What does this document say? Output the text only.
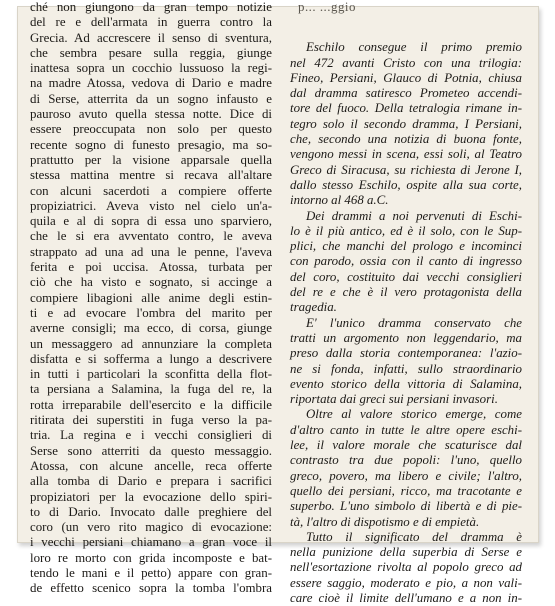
ché non giungono da gran tempo notizie
del re e dell'armata in guerra contro la
Grecia. Ad accrescere il senso di sventura,
che sembra pesare sulla reggia, giunge
inattesa sopra un cocchio lussuoso la regi-
na madre Atossa, vedova di Dario e madre
di Serse, atterrita da un sogno infausto e
pauroso avuto quella stessa notte. Dice di
essere preoccupata non solo per questo
recente sogno di funesto presagio, ma so-
prattutto per la visione apparsale quella
stessa mattina mentre si recava all'altare
con alcuni sacerdoti a compiere offerte
propiziatrici. Aveva visto nel cielo un'a-
quila e al di sopra di essa uno sparviero,
che le si era avventato contro, le aveva
strappato ad una ad una le penne, l'aveva
ferita e poi uccisa. Atossa, turbata per
ciò che ha visto e sognato, si accinge a
compiere libagioni alle anime degli estin-
ti e ad evocare l'ombra del marito per
averne consigli; ma ecco, di corsa, giunge
un messaggero ad annunziare la completa
disfatta e si sofferma a lungo a descrivere
in tutti i particolari la sconfitta della flot-
ta persiana a Salamina, la fuga del re, la
rotta irreparabile dell'esercito e la difficile
ritirata dei superstiti in fuga verso la pa-
tria. La regina e i vecchi consiglieri di
Serse sono atterriti da questo messaggio.
Atossa, con alcune ancelle, reca offerte
alla tomba di Dario e prepara i sacrifici
propiziatori per la evocazione dello spiri-
to di Dario. Invocato dalle preghiere del
coro (un vero rito magico di evocazione:
i vecchi persiani chiamano a gran voce il
loro re morto con grida incomposte e bat-
tendo le mani e il petto) appare con gran-
de effetto scenico sopra la tomba l'ombra
p... ...ggio
Eschilo consegue il primo premio
nel 472 avanti Cristo con una trilogia:
Fineo, Persiani, Glauco di Potnia, chiusa
dal dramma satiresco Prometeo accendi-
tore del fuoco. Della tetralogia rimane in-
tegro solo il secondo dramma, I Persiani,
che, secondo una notizia di buona fonte,
vengono messi in scena, essi soli, al Teatro
Greco di Siracusa, su richiesta di Jerone I,
dallo stesso Eschilo, ospite alla sua corte,
intorno al 468 a.C.
Dei drammi a noi pervenuti di Eschi-
lo è il più antico, ed è il solo, con le Sup-
plici, che manchi del prologo e incominci
con parodo, ossia con il canto di ingresso
del coro, costituito dai vecchi consiglieri
del re e che è il vero protagonista della
tragedia.
E' l'unico dramma conservato che
tratti un argomento non leggendario, ma
preso dalla storia contemporanea: l'azio-
ne si fonda, infatti, sullo straordinario
evento storico della vittoria di Salamina,
riportata dai greci sui persiani invasori.
Oltre al valore storico emerge, come
d'altro canto in tutte le altre opere eschi-
lee, il valore morale che scaturisce dal
contrasto tra due popoli: l'uno, quello
greco, povero, ma libero e civile; l'altro,
quello dei persiani, ricco, ma tracotante e
superbo. L'uno simbolo di libertà e di pie-
tà, l'altro di dispotismo e di empietà.
Tutto il significato del dramma è
nella punizione della superbia di Serse e
nell'esortazione rivolta al popolo greco ad
essere saggio, moderato e pio, a non vali-
care cioè il limite dell'umano e a non in-
